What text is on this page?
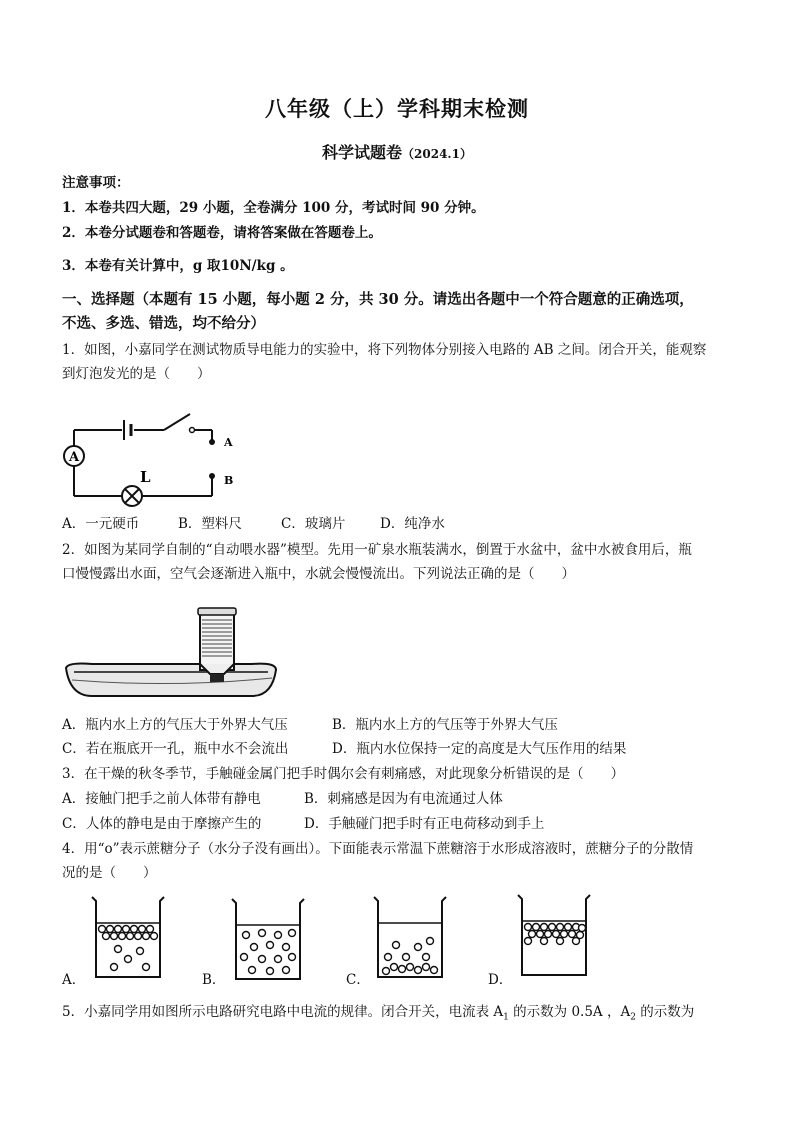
八年级（上）学科期末检测
科学试题卷（2024.1）
注意事项：
1．本卷共四大题，29 小题，全卷满分 100 分，考试时间 90 分钟。
2．本卷分试题卷和答题卷，请将答案做在答题卷上。
3．本卷有关计算中，g 取10N/kg 。
一、选择题（本题有 15 小题，每小题 2 分，共 30 分。请选出各题中一个符合题意的正确选项，
不选、多选、错选，均不给分）
1．如图，小嘉同学在测试物质导电能力的实验中，将下列物体分别接入电路的 AB 之间。闭合开关，能观察
到灯泡发光的是（　　）
A
L
A
B
A．一元硬币	B．塑料尺	C．玻璃片	D．纯净水
2．如图为某同学自制的“自动喂水器”模型。先用一矿泉水瓶装满水，倒置于水盆中，盆中水被食用后，瓶
口慢慢露出水面，空气会逐渐进入瓶中，水就会慢慢流出。下列说法正确的是（　　）
A．瓶内水上方的气压大于外界大气压	B．瓶内水上方的气压等于外界大气压
C．若在瓶底开一孔，瓶中水不会流出	D．瓶内水位保持一定的高度是大气压作用的结果
3．在干燥的秋冬季节，手触碰金属门把手时偶尔会有刺痛感，对此现象分析错误的是（　　）
A．接触门把手之前人体带有静电	B．刺痛感是因为有电流通过人体
C．人体的静电是由于摩擦产生的	D．手触碰门把手时有正电荷移动到手上
4．用“o”表示蔗糖分子（水分子没有画出）。下面能表示常温下蔗糖溶于水形成溶液时，蔗糖分子的分散情
况的是（　　）
A．	B．	C．	D．
5．小嘉同学用如图所示电路研究电路中电流的规律。闭合开关，电流表 $A_1$ 的示数为 0.5A ，$A_2$ 的示数为
